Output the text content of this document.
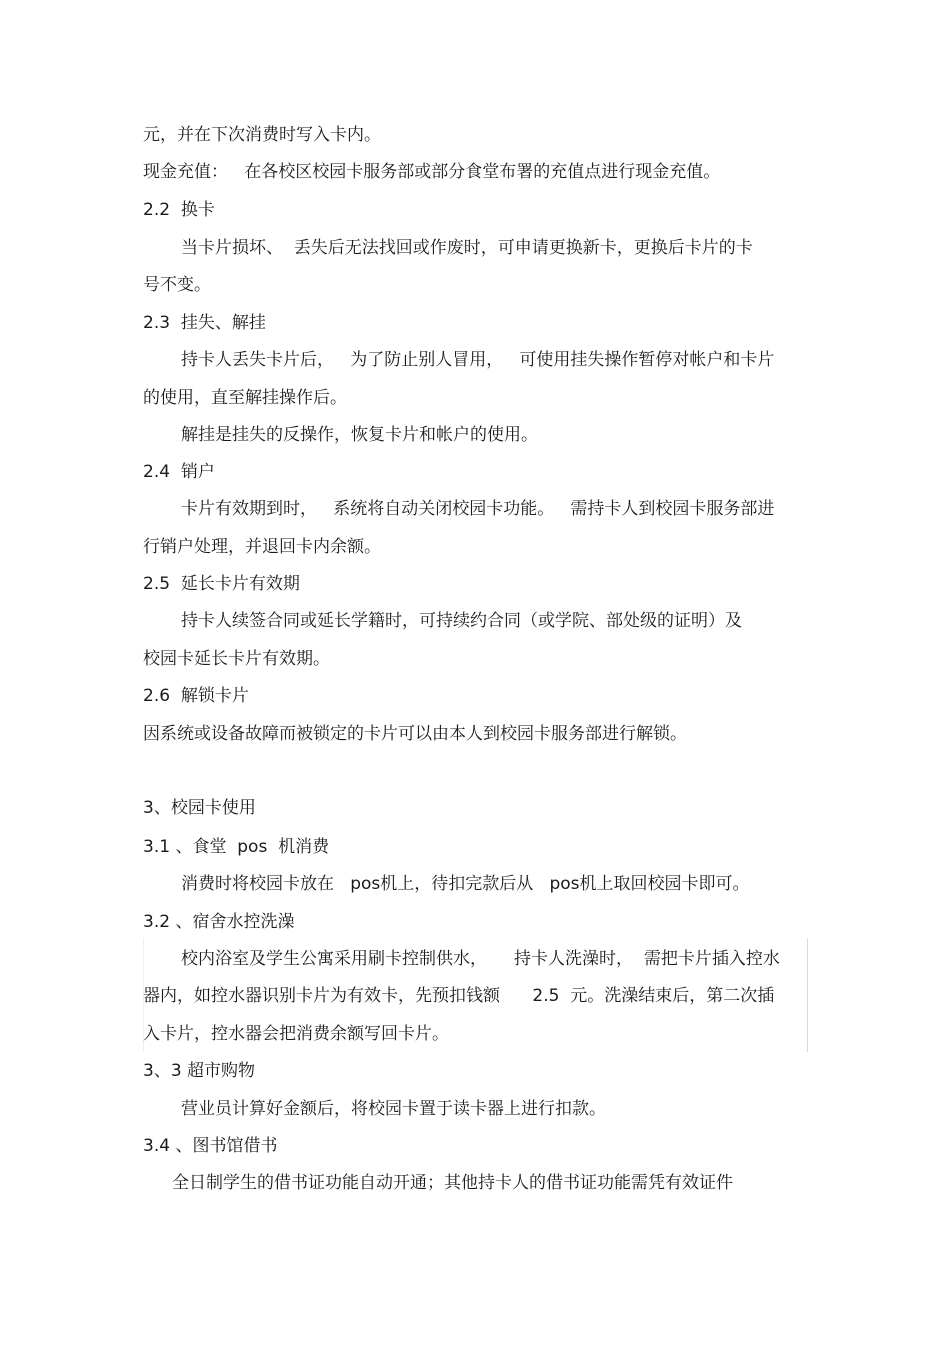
元，并在下次消费时写入卡内。
现金充值：   在各校区校园卡服务部或部分食堂布署的充值点进行现金充值。
2.2  换卡
当卡片损坏、  丢失后无法找回或作废时，可申请更换新卡，更换后卡片的卡
号不变。
2.3  挂失、解挂
持卡人丢失卡片后，   为了防止别人冒用，   可使用挂失操作暂停对帐户和卡片
的使用，直至解挂操作后。
解挂是挂失的反操作，恢复卡片和帐户的使用。
2.4  销户
卡片有效期到时，   系统将自动关闭校园卡功能。   需持卡人到校园卡服务部进
行销户处理，并退回卡内余额。
2.5  延长卡片有效期
持卡人续签合同或延长学籍时，可持续约合同（或学院、部处级的证明）及
校园卡延长卡片有效期。
2.6  解锁卡片
因系统或设备故障而被锁定的卡片可以由本人到校园卡服务部进行解锁。
3、校园卡使用
3.1 、食堂  pos  机消费
消费时将校园卡放在   pos机上，待扣完款后从   pos机上取回校园卡即可。
3.2 、宿舍水控洗澡
校内浴室及学生公寓采用刷卡控制供水，     持卡人洗澡时，  需把卡片插入控水
器内，如控水器识别卡片为有效卡，先预扣钱额      2.5  元。洗澡结束后，第二次插
入卡片，控水器会把消费余额写回卡片。
3、3 超市购物
营业员计算好金额后，将校园卡置于读卡器上进行扣款。
3.4 、图书馆借书
全日制学生的借书证功能自动开通；其他持卡人的借书证功能需凭有效证件
